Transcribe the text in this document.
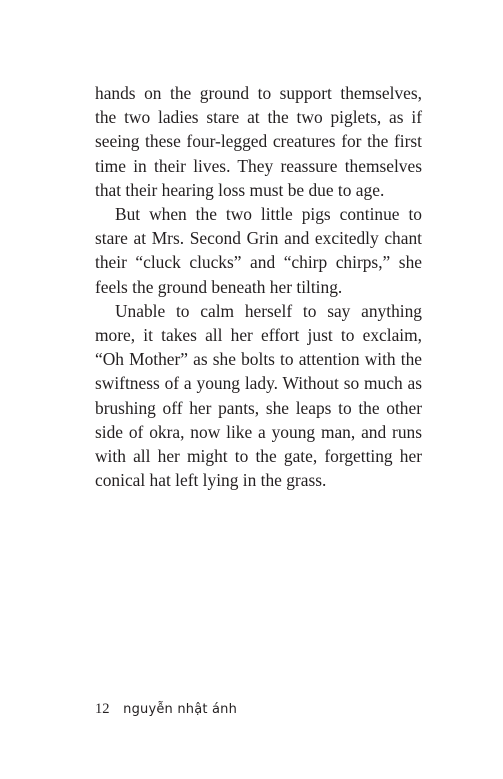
hands on the ground to support themselves, the two ladies stare at the two piglets, as if seeing these four-legged creatures for the first time in their lives. They reassure themselves that their hearing loss must be due to age.

But when the two little pigs continue to stare at Mrs. Second Grin and excitedly chant their “cluck clucks” and “chirp chirps,” she feels the ground beneath her tilting.

Unable to calm herself to say anything more, it takes all her effort just to exclaim, “Oh Mother” as she bolts to attention with the swiftness of a young lady. Without so much as brushing off her pants, she leaps to the other side of okra, now like a young man, and runs with all her might to the gate, forgetting her conical hat left lying in the grass.

12 nguyễn nhật ánh
